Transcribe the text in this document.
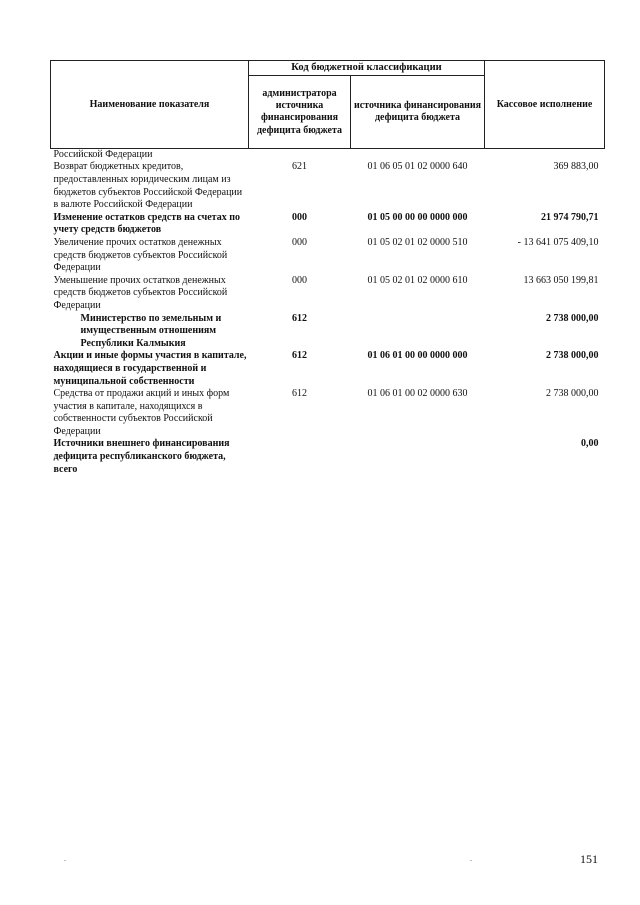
Наименование показателя	Код бюджетной классификации		Кассовое исполнение
	администратора источника финансирования дефицита бюджета	источника финансирования дефицита бюджета	
Российской Федерации			
Возврат бюджетных кредитов, предоставленных юридическим лицам из бюджетов субъектов Российской Федерации в валюте Российской Федерации	621	01 06 05 01 02 0000 640	369 883,00
Изменение остатков средств на счетах по учету средств бюджетов	000	01 05 00 00 00 0000 000	21 974 790,71
Увеличение прочих остатков денежных средств бюджетов субъектов Российской Федерации	000	01 05 02 01 02 0000 510	- 13 641 075 409,10
Уменьшение прочих остатков денежных средств бюджетов субъектов Российской Федерации	000	01 05 02 01 02 0000 610	13 663 050 199,81
Министерство по земельным и имущественным отношениям Республики Калмыкия	612		2 738 000,00
Акции и иные формы участия в капитале, находящиеся в государственной и муниципальной собственности	612	01 06 01 00 00 0000 000	2 738 000,00
Средства от продажи акций и иных форм участия в капитале, находящихся в собственности субъектов Российской Федерации	612	01 06 01 00 02 0000 630	2 738 000,00
Источники внешнего финансирования дефицита республиканского бюджета, всего			0,00
151
